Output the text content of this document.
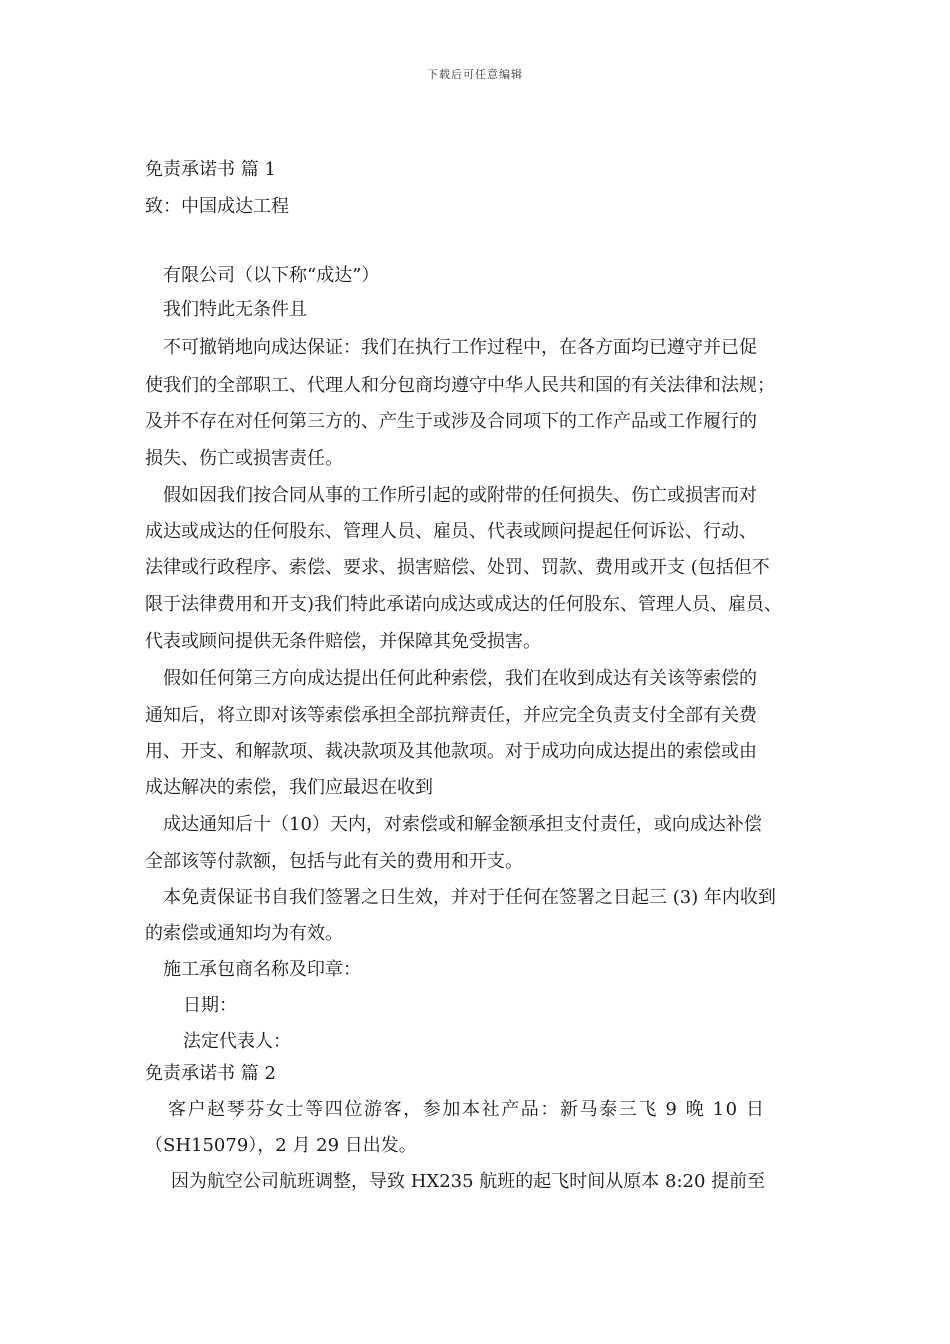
下载后可任意编辑
免责承诺书 篇 1
致：中国成达工程
有限公司（以下称“成达”）
我们特此无条件且
不可撤销地向成达保证：我们在执行工作过程中，在各方面均已遵守并已促
使我们的全部职工、代理人和分包商均遵守中华人民共和国的有关法律和法规；
及并不存在对任何第三方的、产生于或涉及合同项下的工作产品或工作履行的
损失、伤亡或损害责任。
假如因我们按合同从事的工作所引起的或附带的任何损失、伤亡或损害而对
成达或成达的任何股东、管理人员、雇员、代表或顾问提起任何诉讼、行动、
法律或行政程序、索偿、要求、损害赔偿、处罚、罚款、费用或开支 (包括但不
限于法律费用和开支)我们特此承诺向成达或成达的任何股东、管理人员、雇员、
代表或顾问提供无条件赔偿，并保障其免受损害。
假如任何第三方向成达提出任何此种索偿，我们在收到成达有关该等索偿的
通知后，将立即对该等索偿承担全部抗辩责任，并应完全负责支付全部有关费
用、开支、和解款项、裁决款项及其他款项。对于成功向成达提出的索偿或由
成达解决的索偿，我们应最迟在收到
成达通知后十（10）天内，对索偿或和解金额承担支付责任，或向成达补偿
全部该等付款额，包括与此有关的费用和开支。
本免责保证书自我们签署之日生效，并对于任何在签署之日起三 (3) 年内收到
的索偿或通知均为有效。
施工承包商名称及印章：
日期：
法定代表人：
免责承诺书 篇 2
客户赵琴芬女士等四位游客，参加本社产品：新马泰三飞 9 晚 10 日
（SH15079），2 月 29 日出发。
因为航空公司航班调整，导致 HX235 航班的起飞时间从原本 8:20 提前至
